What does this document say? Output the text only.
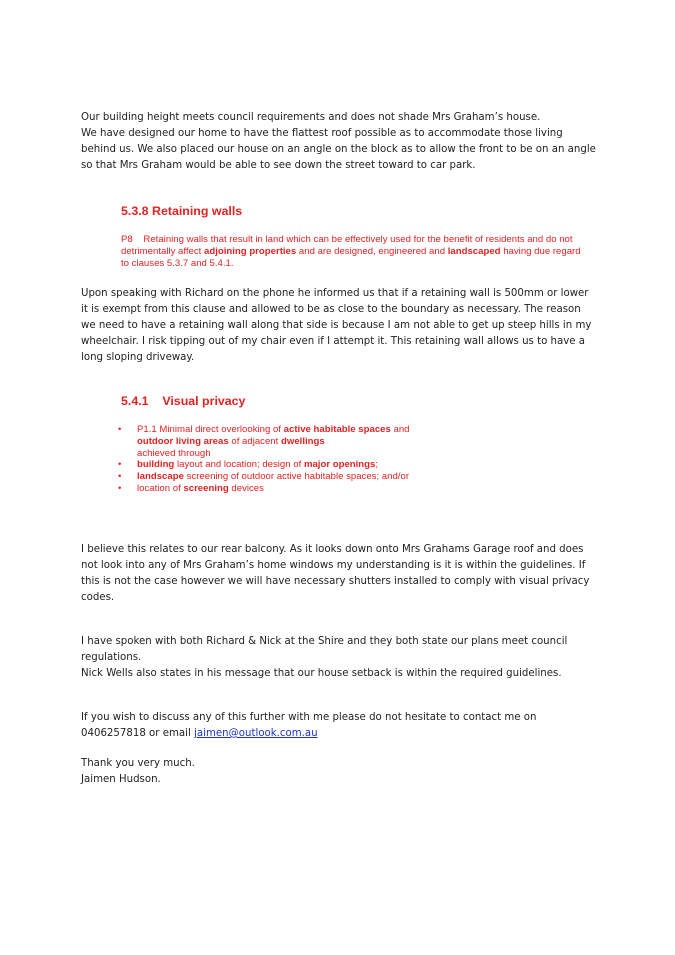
Our building height meets council requirements and does not shade Mrs Graham’s house.

We have designed our home to have the flattest roof possible as to accommodate those living behind us. We also placed our house on an angle on the block as to allow the front to be on an angle so that Mrs Graham would be able to see down the street toward to car park.

5.3.8 Retaining walls
P8 Retaining walls that result in land which can be effectively used for the benefit of residents and do not detrimentally affect adjoining properties and are designed, engineered and landscaped having due regard to clauses 5.3.7 and 5.4.1.

Upon speaking with Richard on the phone he informed us that if a retaining wall is 500mm or lower it is exempt from this clause and allowed to be as close to the boundary as necessary. The reason we need to have a retaining wall along that side is because I am not able to get up steep hills in my wheelchair. I risk tipping out of my chair even if I attempt it. This retaining wall allows us to have a long sloping driveway.

5.4.1    Visual privacy
• P1.1 Minimal direct overlooking of active habitable spaces and outdoor living areas of adjacent dwellings
achieved through
• building layout and location; design of major openings;
• landscape screening of outdoor active habitable spaces; and/or
• location of screening devices

I believe this relates to our rear balcony. As it looks down onto Mrs Grahams Garage roof and does not look into any of Mrs Graham’s home windows my understanding is it is within the guidelines. If this is not the case however we will have necessary shutters installed to comply with visual privacy codes.

I have spoken with both Richard & Nick at the Shire and they both state our plans meet council regulations.

Nick Wells also states in his message that our house setback is within the required guidelines.

If you wish to discuss any of this further with me please do not hesitate to contact me on 0406257818 or email jaimen@outlook.com.au

Thank you very much.

Jaimen Hudson.
